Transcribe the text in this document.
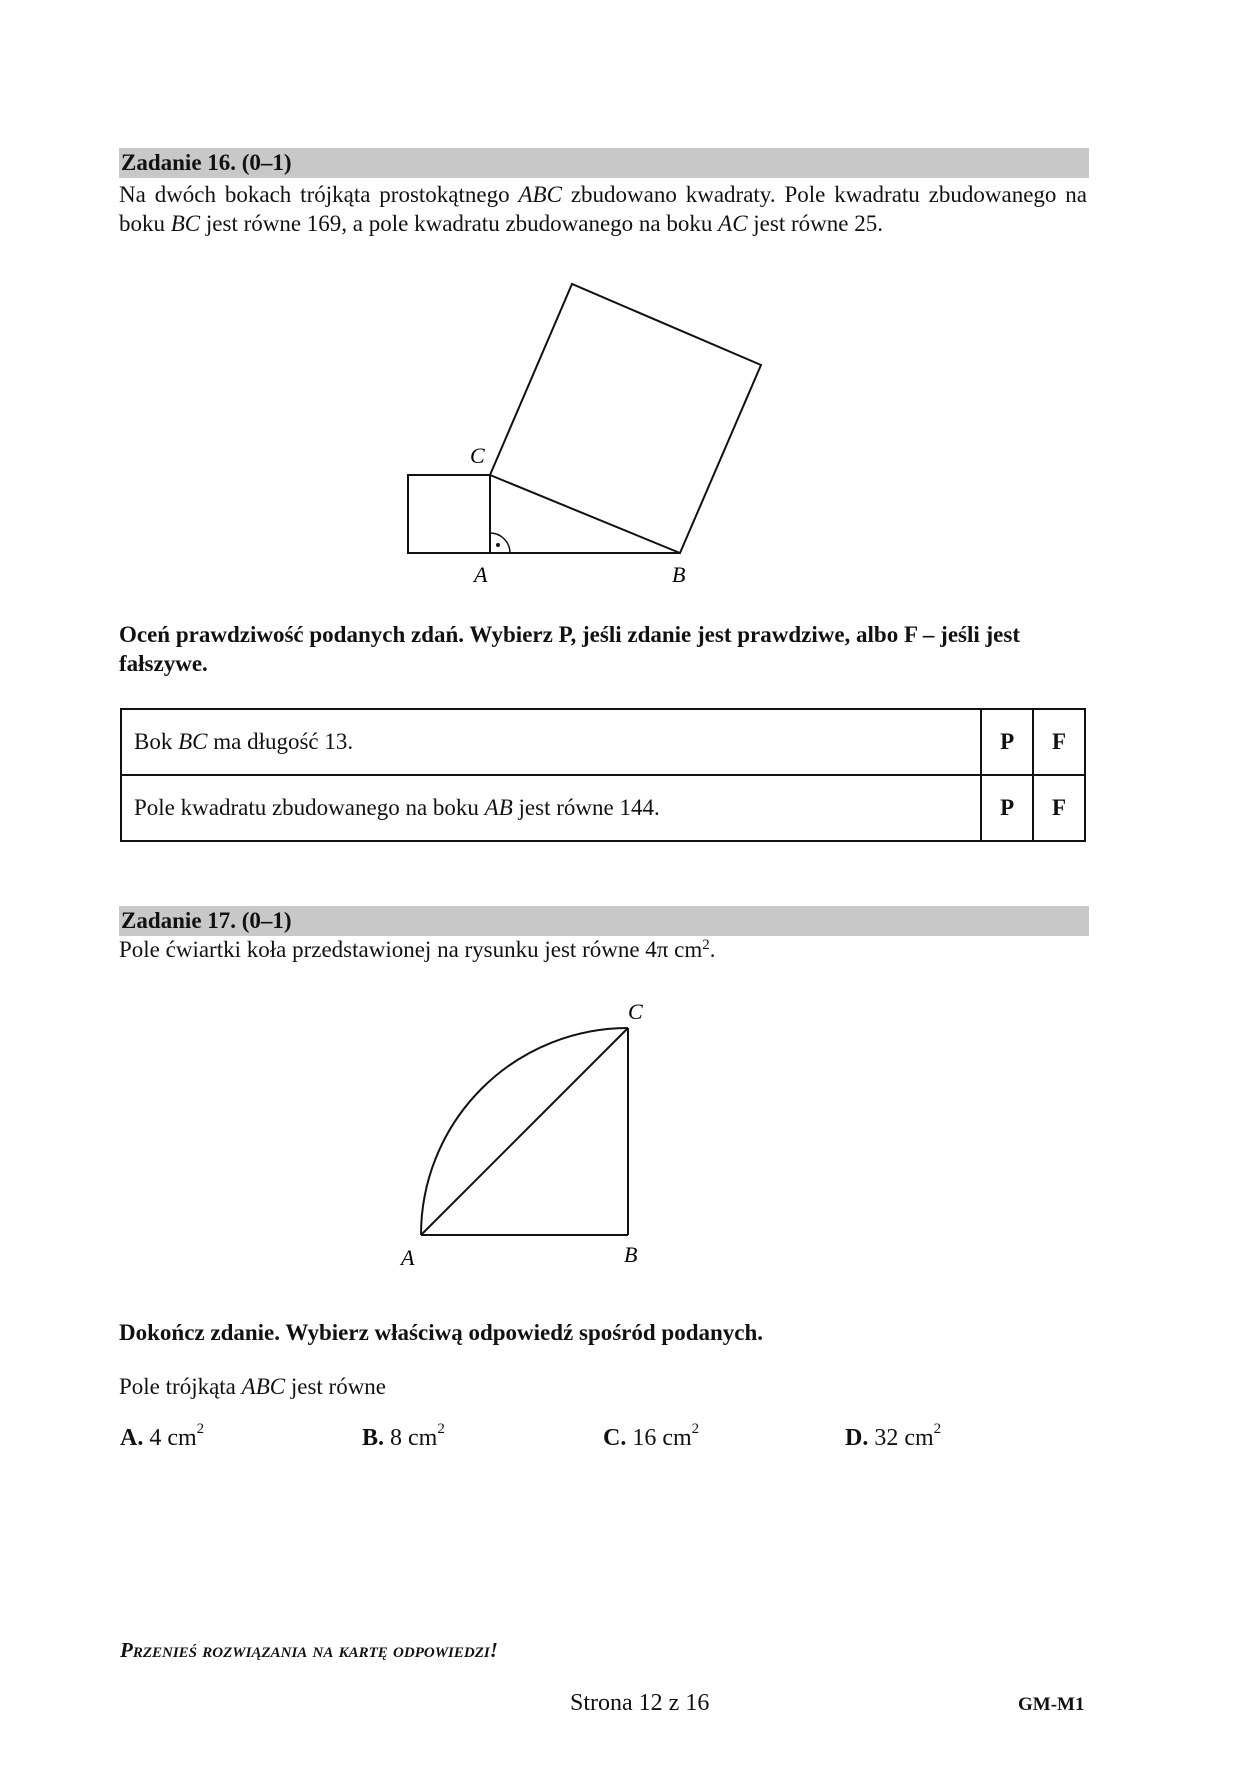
Zadanie 16. (0–1)
Na dwóch bokach trójkąta prostokątnego ABC zbudowano kwadraty. Pole kwadratu zbudowanego na boku BC jest równe 169, a pole kwadratu zbudowanego na boku AC jest równe 25.
C
A	B
Oceń prawdziwość podanych zdań. Wybierz P, jeśli zdanie jest prawdziwe, albo F – jeśli jest fałszywe.
Bok BC ma długość 13.	P	F
Pole kwadratu zbudowanego na boku AB jest równe 144.	P	F
Zadanie 17. (0–1)
Pole ćwiartki koła przedstawionej na rysunku jest równe 4π $cm^2$.
C
A	B
Dokończ zdanie. Wybierz właściwą odpowiedź spośród podanych.
Pole trójkąta ABC jest równe
A. 4 $cm^2$	B. 8 $cm^2$	C. 16 $cm^2$	D. 32 $cm^2$
Przenieś rozwiązania na kartę odpowiedzi!
Strona 12 z 16	GM-M1
